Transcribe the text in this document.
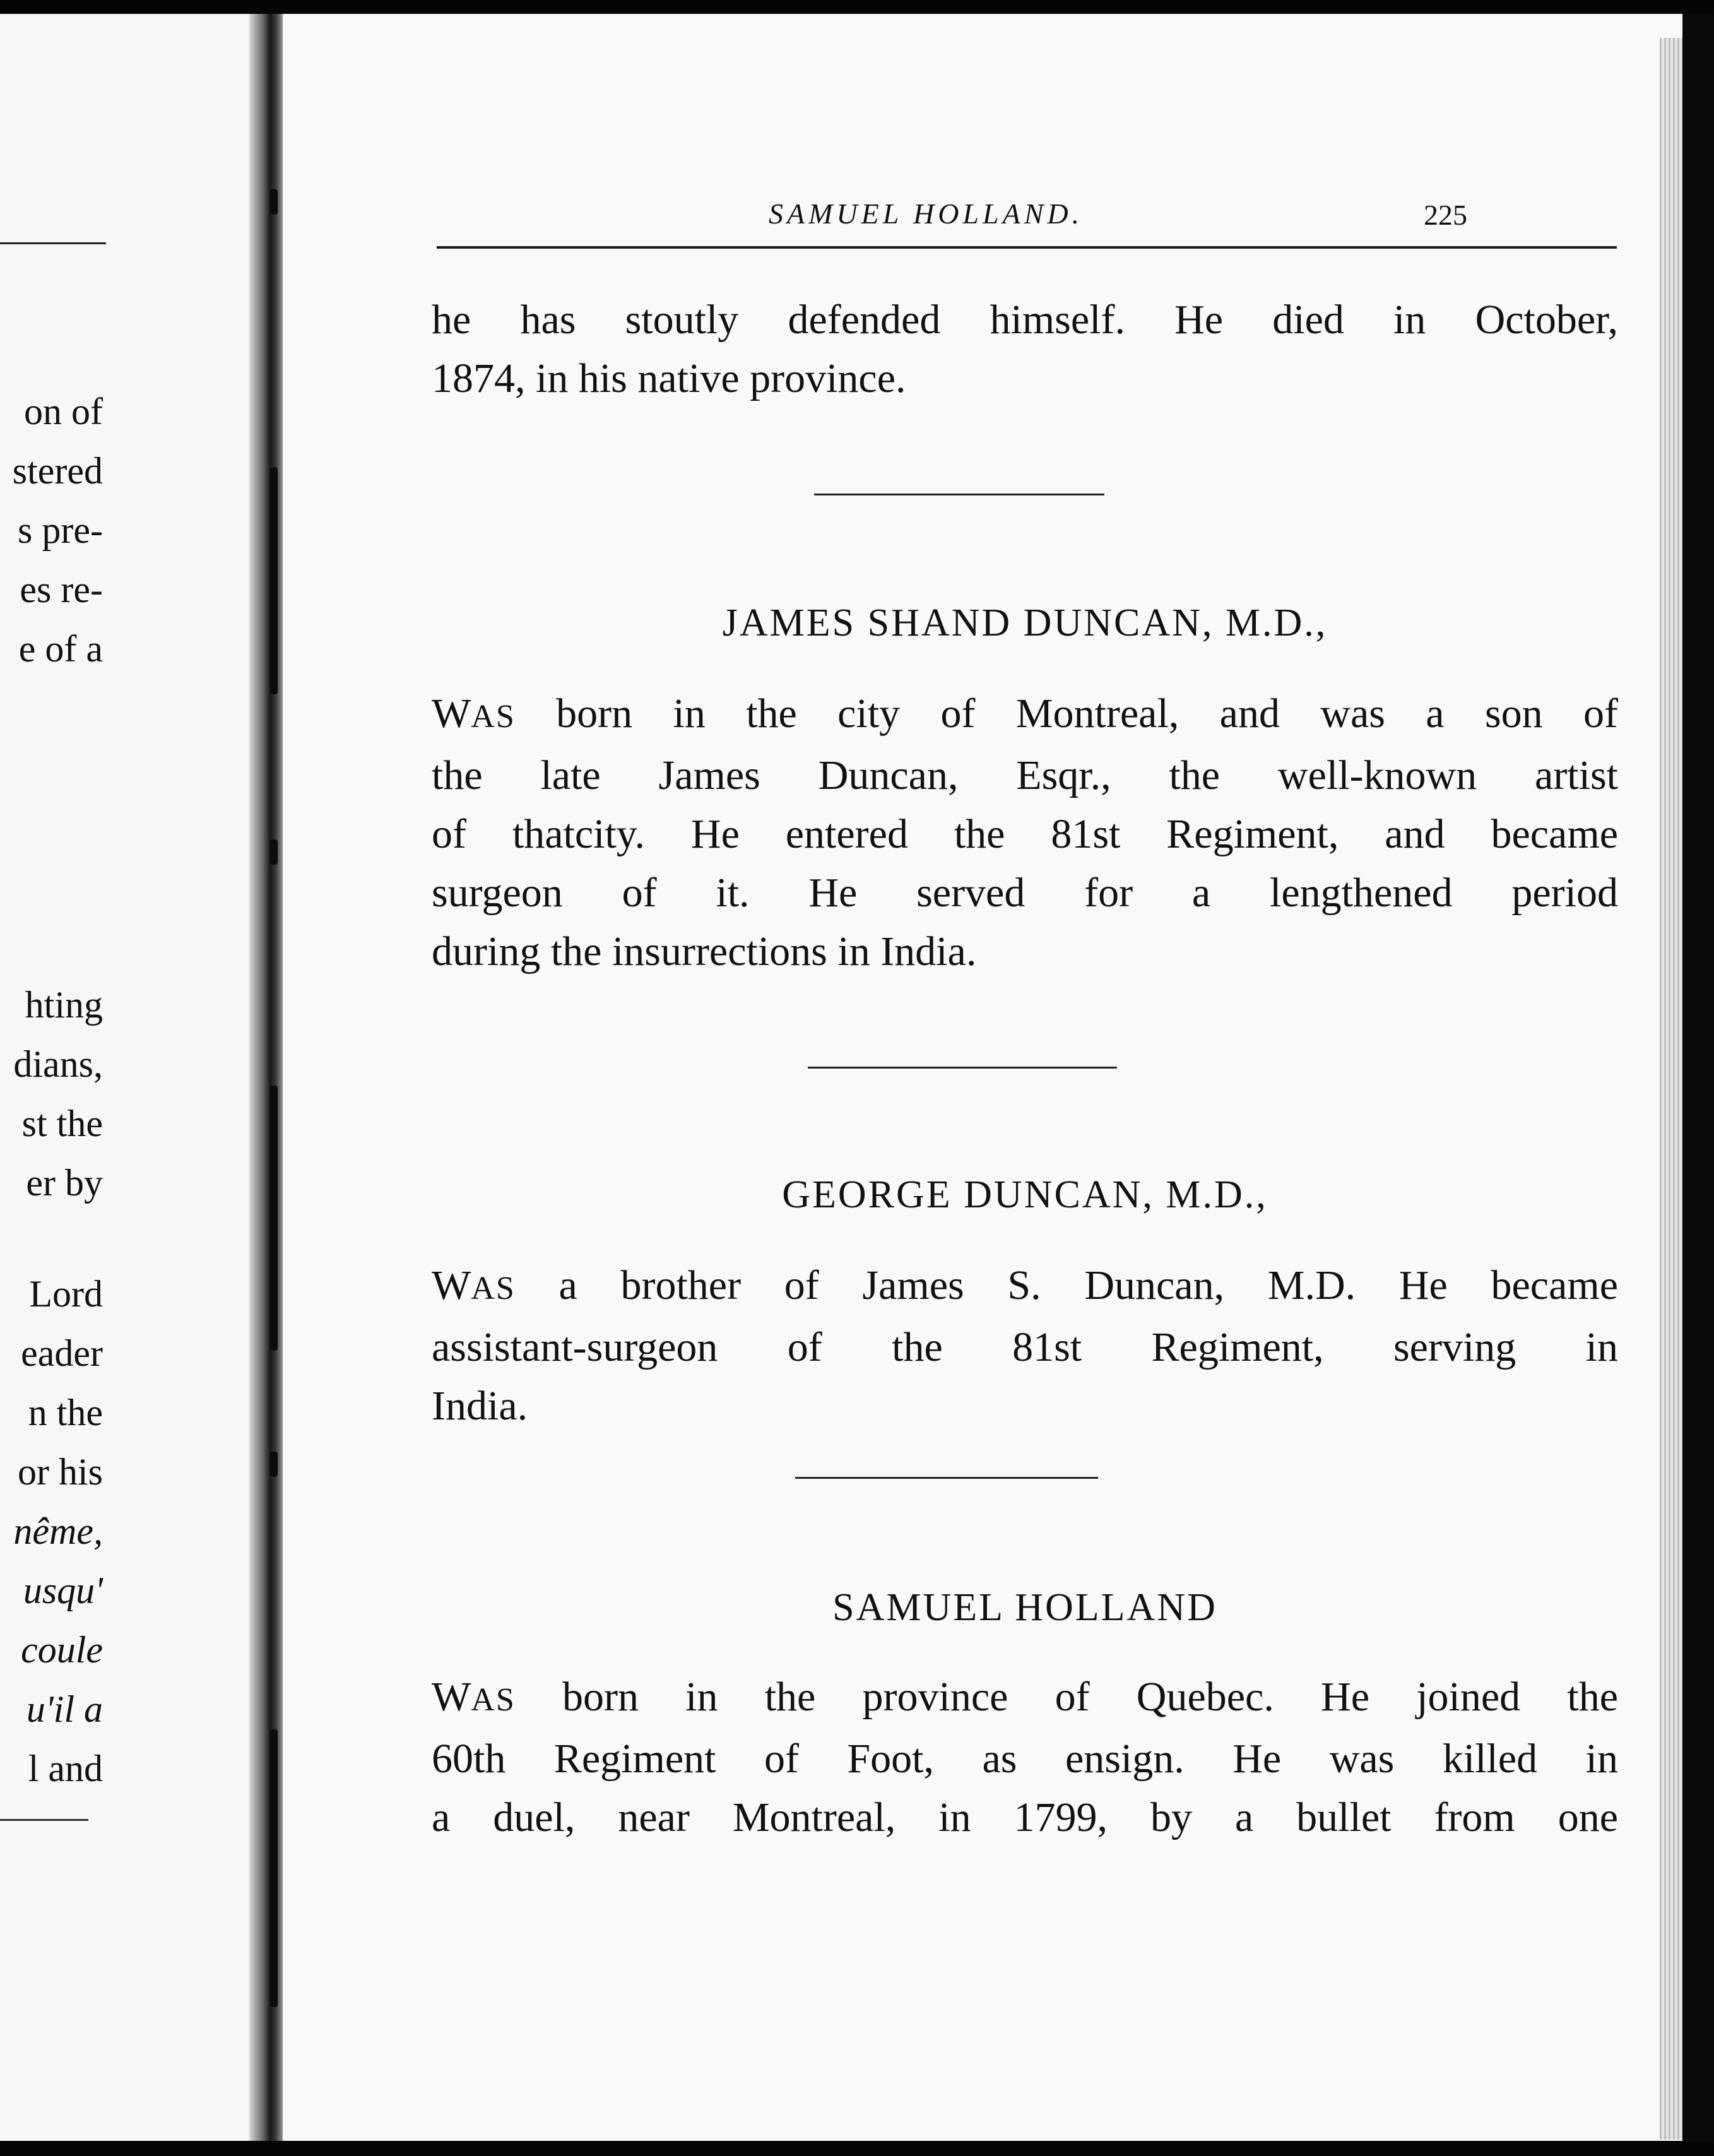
on of
stered
s pre-
es re-
e of a
hting
dians,
st the
er by
Lord
eader
n the
or his
nême,
usqu'
coule
u'il a
l and
SAMUEL HOLLAND.	225
he has stoutly defended himself. He died in October,
1874, in his native province.
JAMES SHAND DUNCAN, M.D.,
WAS born in the city of Montreal, and was a son of
the late James Duncan, Esqr., the well-known artist
of thatcity. He entered the 81st Regiment, and became
surgeon of it. He served for a lengthened period
during the insurrections in India.
GEORGE DUNCAN, M.D.,
WAS a brother of James S. Duncan, M.D. He became
assistant-surgeon of the 81st Regiment, serving in
India.
SAMUEL HOLLAND
WAS born in the province of Quebec. He joined the
60th Regiment of Foot, as ensign. He was killed in
a duel, near Montreal, in 1799, by a bullet from one
